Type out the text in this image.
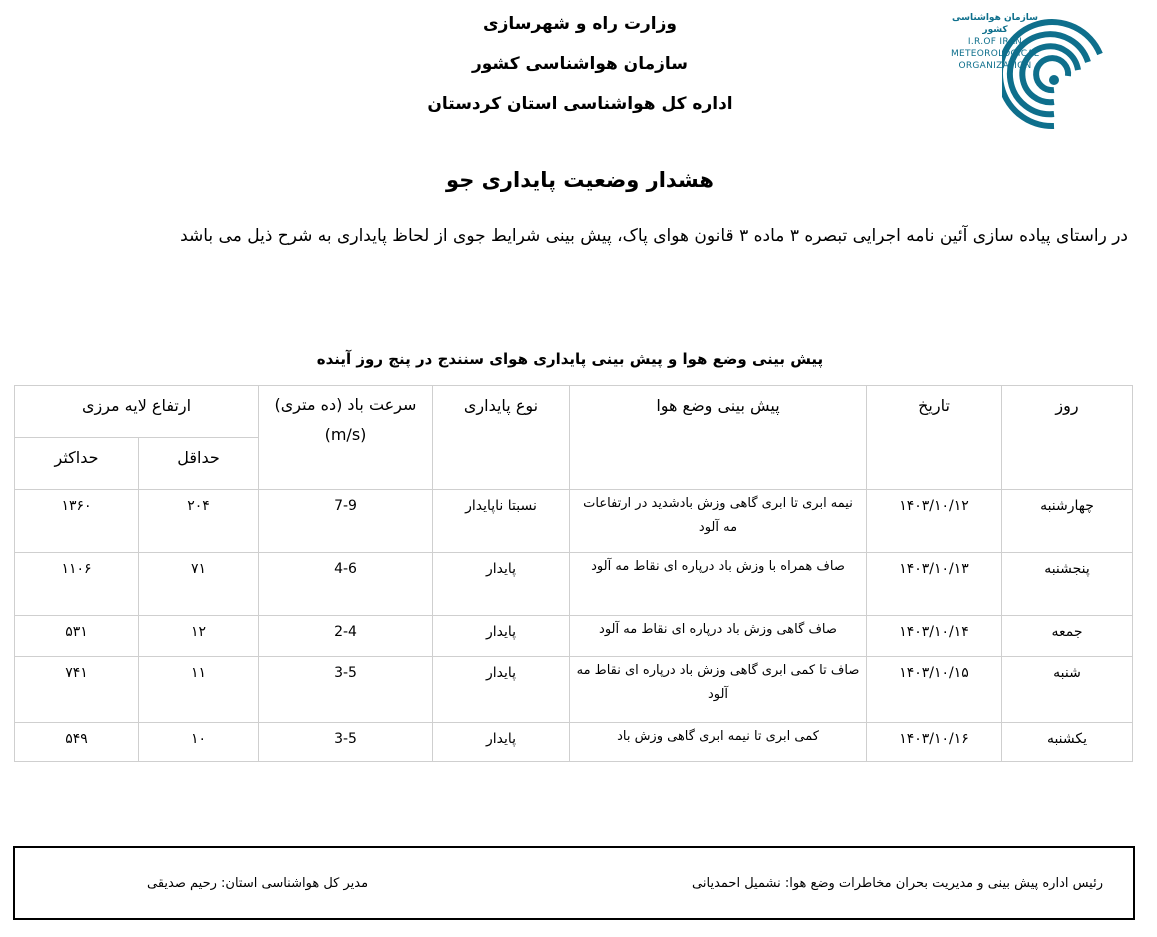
وزارت راه و شهرسازی
سازمان هواشناسی کشور
اداره کل هواشناسی استان کردستان
سازمان هواشناسی کشور
I.R.OF IRAN
METEOROLOGICAL
ORGANIZATION
هشدار وضعیت پایداری جو
در راستای پیاده سازی آئین نامه اجرایی تبصره ۳ ماده ۳ قانون هوای پاک، پیش بینی شرایط جوی از لحاظ پایداری به شرح ذیل می باشد
پیش بینی وضع هوا و پیش بینی پایداری هوای سنندج در پنج روز آینده
روز	تاریخ	پیش بینی وضع هوا	نوع پایداری	سرعت باد (ده متری) (m/s)	ارتفاع لایه مرزی	
					حداقل	حداکثر
چهارشنبه	۱۴۰۳/۱۰/۱۲	نیمه ابری تا ابری گاهی وزش بادشدید در ارتفاعات مه آلود	نسبتا ناپایدار	7-9	۲۰۴	۱۳۶۰
پنجشنبه	۱۴۰۳/۱۰/۱۳	صاف همراه با وزش باد درپاره ای نقاط مه آلود	پایدار	4-6	۷۱	۱۱۰۶
جمعه	۱۴۰۳/۱۰/۱۴	صاف گاهی وزش باد درپاره ای نقاط مه آلود	پایدار	2-4	۱۲	۵۳۱
شنبه	۱۴۰۳/۱۰/۱۵	صاف تا کمی ابری گاهی وزش باد درپاره ای نقاط مه آلود	پایدار	3-5	۱۱	۷۴۱
یکشنبه	۱۴۰۳/۱۰/۱۶	کمی ابری تا نیمه ابری گاهی وزش باد	پایدار	3-5	۱۰	۵۴۹
رئیس اداره پیش بینی و مدیریت بحران مخاطرات وضع هوا: نشمیل احمدیانی
مدیر کل هواشناسی استان: رحیم صدیقی
